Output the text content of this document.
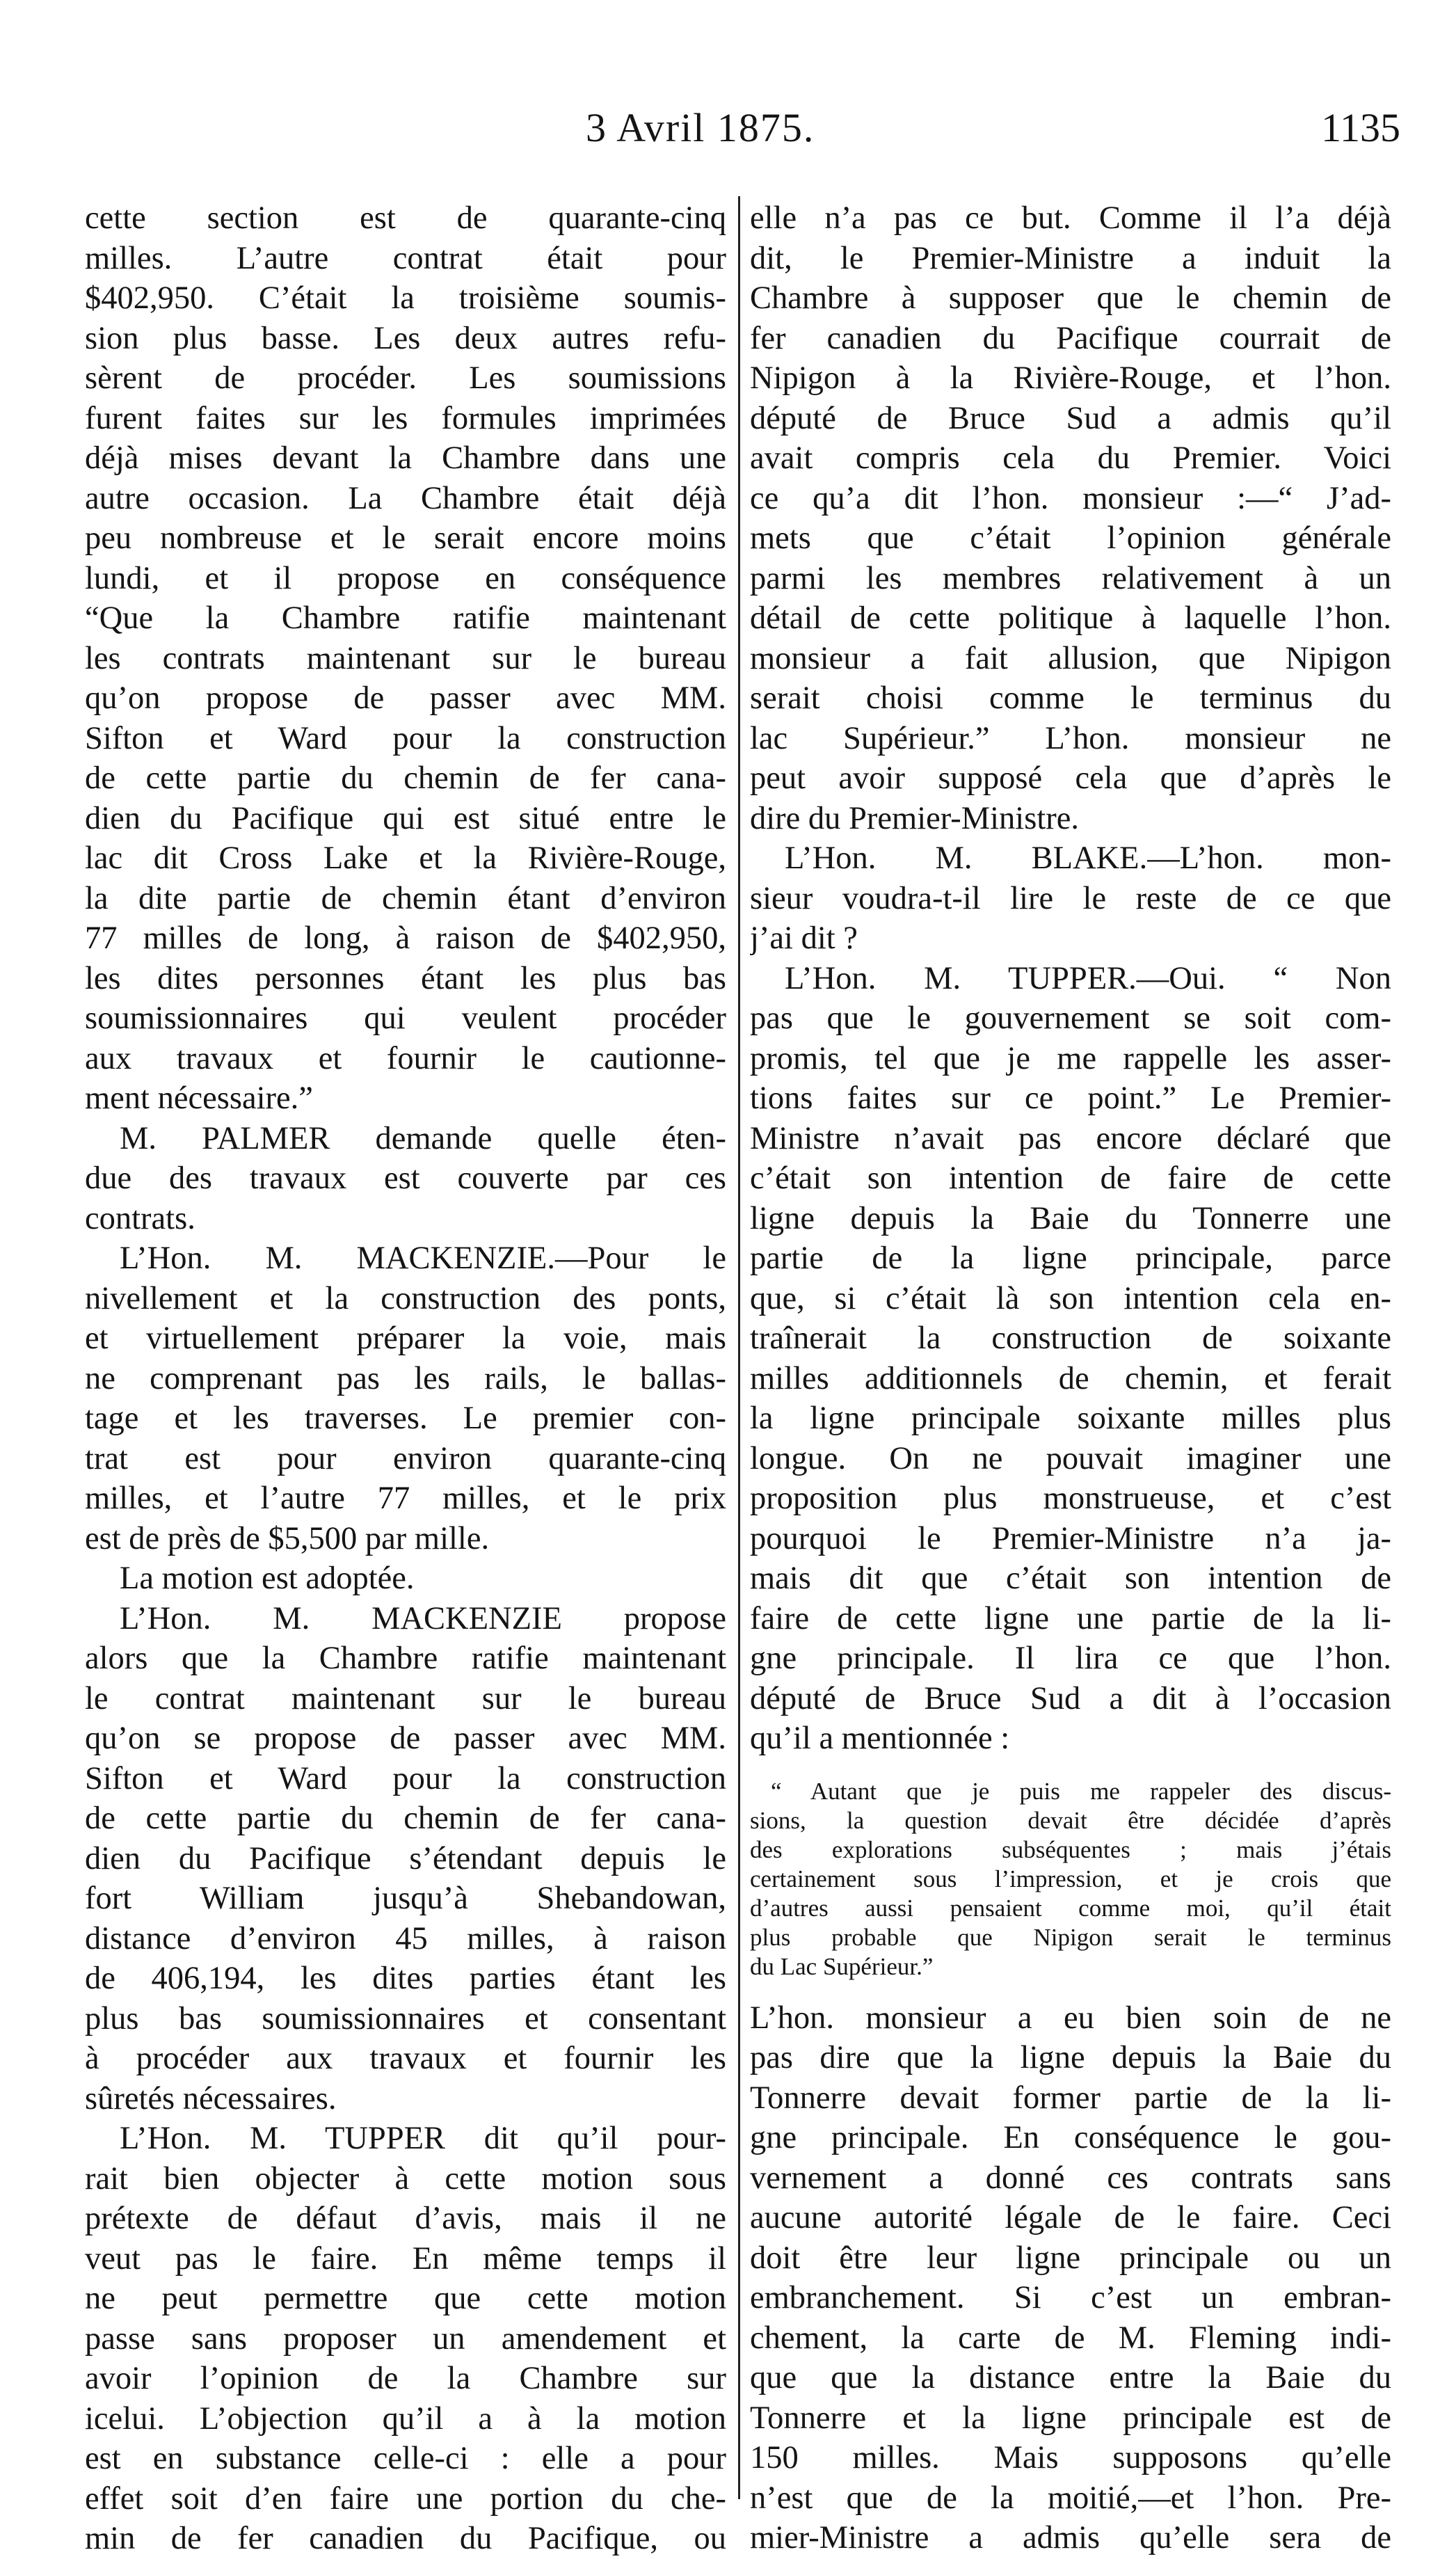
3 Avril 1875.	1135
cette section est de quarante-cinq
milles. L’autre contrat était pour
$402,950. C’était la troisième soumis-
sion plus basse. Les deux autres refu-
sèrent de procéder. Les soumissions
furent faites sur les formules imprimées
déjà mises devant la Chambre dans une
autre occasion. La Chambre était déjà
peu nombreuse et le serait encore moins
lundi, et il propose en conséquence
“Que la Chambre ratifie maintenant
les contrats maintenant sur le bureau
qu’on propose de passer avec MM.
Sifton et Ward pour la construction
de cette partie du chemin de fer cana-
dien du Pacifique qui est situé entre le
lac dit Cross Lake et la Rivière-Rouge,
la dite partie de chemin étant d’environ
77 milles de long, à raison de $402,950,
les dites personnes étant les plus bas
soumissionnaires qui veulent procéder
aux travaux et fournir le cautionne-
ment nécessaire.”
M. PALMER demande quelle éten-
due des travaux est couverte par ces
contrats.
L’Hon. M. MACKENZIE.—Pour le
nivellement et la construction des ponts,
et virtuellement préparer la voie, mais
ne comprenant pas les rails, le ballas-
tage et les traverses. Le premier con-
trat est pour environ quarante-cinq
milles, et l’autre 77 milles, et le prix
est de près de $5,500 par mille.
La motion est adoptée.
L’Hon. M. MACKENZIE propose
alors que la Chambre ratifie maintenant
le contrat maintenant sur le bureau
qu’on se propose de passer avec MM.
Sifton et Ward pour la construction
de cette partie du chemin de fer cana-
dien du Pacifique s’étendant depuis le
fort William jusqu’à Shebandowan,
distance d’environ 45 milles, à raison
de 406,194, les dites parties étant les
plus bas soumissionnaires et consentant
à procéder aux travaux et fournir les
sûretés nécessaires.
L’Hon. M. TUPPER dit qu’il pour-
rait bien objecter à cette motion sous
prétexte de défaut d’avis, mais il ne
veut pas le faire. En même temps il
ne peut permettre que cette motion
passe sans proposer un amendement et
avoir l’opinion de la Chambre sur
icelui. L’objection qu’il a à la motion
est en substance celle-ci : elle a pour
effet soit d’en faire une portion du che-
min de fer canadien du Pacifique, ou
elle n’a pas ce but. Comme il l’a déjà
dit, le Premier-Ministre a induit la
Chambre à supposer que le chemin de
fer canadien du Pacifique courrait de
Nipigon à la Rivière-Rouge, et l’hon.
député de Bruce Sud a admis qu’il
avait compris cela du Premier. Voici
ce qu’a dit l’hon. monsieur :—“ J’ad-
mets que c’était l’opinion générale
parmi les membres relativement à un
détail de cette politique à laquelle l’hon.
monsieur a fait allusion, que Nipigon
serait choisi comme le terminus du
lac Supérieur.” L’hon. monsieur ne
peut avoir supposé cela que d’après le
dire du Premier-Ministre.
L’Hon. M. BLAKE.—L’hon. mon-
sieur voudra-t-il lire le reste de ce que
j’ai dit ?
L’Hon. M. TUPPER.—Oui. “ Non
pas que le gouvernement se soit com-
promis, tel que je me rappelle les asser-
tions faites sur ce point.” Le Premier-
Ministre n’avait pas encore déclaré que
c’était son intention de faire de cette
ligne depuis la Baie du Tonnerre une
partie de la ligne principale, parce
que, si c’était là son intention cela en-
traînerait la construction de soixante
milles additionnels de chemin, et ferait
la ligne principale soixante milles plus
longue. On ne pouvait imaginer une
proposition plus monstrueuse, et c’est
pourquoi le Premier-Ministre n’a ja-
mais dit que c’était son intention de
faire de cette ligne une partie de la li-
gne principale. Il lira ce que l’hon.
député de Bruce Sud a dit à l’occasion
qu’il a mentionnée :
“ Autant que je puis me rappeler des discus-
sions, la question devait être décidée d’après
des explorations subséquentes ; mais j’étais
certainement sous l’impression, et je crois que
d’autres aussi pensaient comme moi, qu’il était
plus probable que Nipigon serait le terminus
du Lac Supérieur.”
L’hon. monsieur a eu bien soin de ne
pas dire que la ligne depuis la Baie du
Tonnerre devait former partie de la li-
gne principale. En conséquence le gou-
vernement a donné ces contrats sans
aucune autorité légale de le faire. Ceci
doit être leur ligne principale ou un
embranchement. Si c’est un embran-
chement, la carte de M. Fleming indi-
que que la distance entre la Baie du
Tonnerre et la ligne principale est de
150 milles. Mais supposons qu’elle
n’est que de la moitié,—et l’hon. Pre-
mier-Ministre a admis qu’elle sera de
